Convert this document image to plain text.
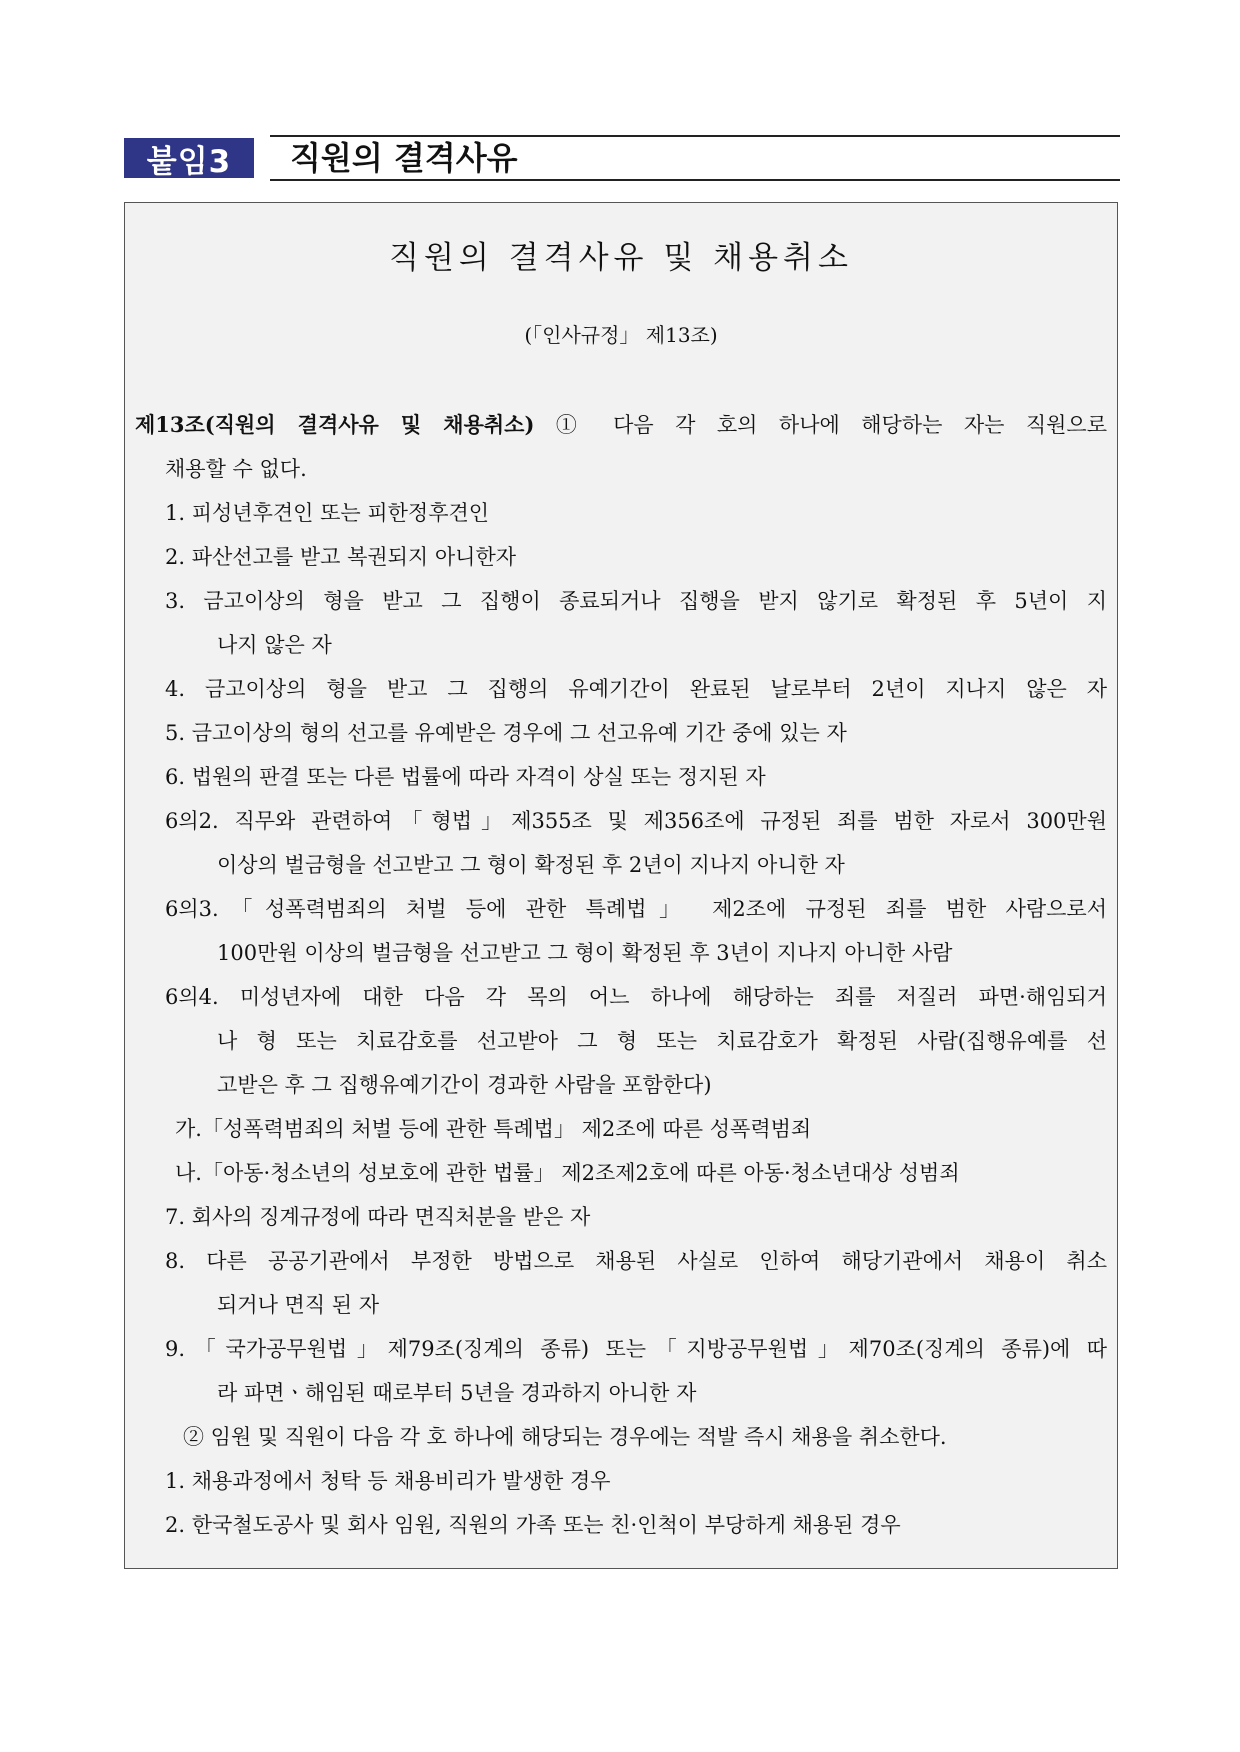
붙임3	직원의 결격사유
직원의 결격사유 및 채용취소
(「인사규정」 제13조)
제13조(직원의 결격사유 및 채용취소) ① 다음 각 호의 하나에 해당하는 자는 직원으로
채용할 수 없다.
1. 피성년후견인 또는 피한정후견인
2. 파산선고를 받고 복권되지 아니한자
3. 금고이상의 형을 받고 그 집행이 종료되거나 집행을 받지 않기로 확정된 후 5년이 지
나지 않은 자
4. 금고이상의 형을 받고 그 집행의 유예기간이 완료된 날로부터 2년이 지나지 않은 자
5. 금고이상의 형의 선고를 유예받은 경우에 그 선고유예 기간 중에 있는 자
6. 법원의 판결 또는 다른 법률에 따라 자격이 상실 또는 정지된 자
6의2. 직무와 관련하여「형법」제355조 및 제356조에 규정된 죄를 범한 자로서 300만원
이상의 벌금형을 선고받고 그 형이 확정된 후 2년이 지나지 아니한 자
6의3.「성폭력범죄의 처벌 등에 관한 특례법」 제2조에 규정된 죄를 범한 사람으로서
100만원 이상의 벌금형을 선고받고 그 형이 확정된 후 3년이 지나지 아니한 사람
6의4. 미성년자에 대한 다음 각 목의 어느 하나에 해당하는 죄를 저질러 파면·해임되거
나 형 또는 치료감호를 선고받아 그 형 또는 치료감호가 확정된 사람(집행유예를 선
고받은 후 그 집행유예기간이 경과한 사람을 포함한다)
가.「성폭력범죄의 처벌 등에 관한 특례법」 제2조에 따른 성폭력범죄
나.「아동·청소년의 성보호에 관한 법률」 제2조제2호에 따른 아동·청소년대상 성범죄
7. 회사의 징계규정에 따라 면직처분을 받은 자
8. 다른 공공기관에서 부정한 방법으로 채용된 사실로 인하여 해당기관에서 채용이 취소
되거나 면직 된 자
9.「국가공무원법」제79조(징계의 종류) 또는「지방공무원법」제70조(징계의 종류)에 따
라 파면ㆍ해임된 때로부터 5년을 경과하지 아니한 자
② 임원 및 직원이 다음 각 호 하나에 해당되는 경우에는 적발 즉시 채용을 취소한다.
1. 채용과정에서 청탁 등 채용비리가 발생한 경우
2. 한국철도공사 및 회사 임원, 직원의 가족 또는 친·인척이 부당하게 채용된 경우
